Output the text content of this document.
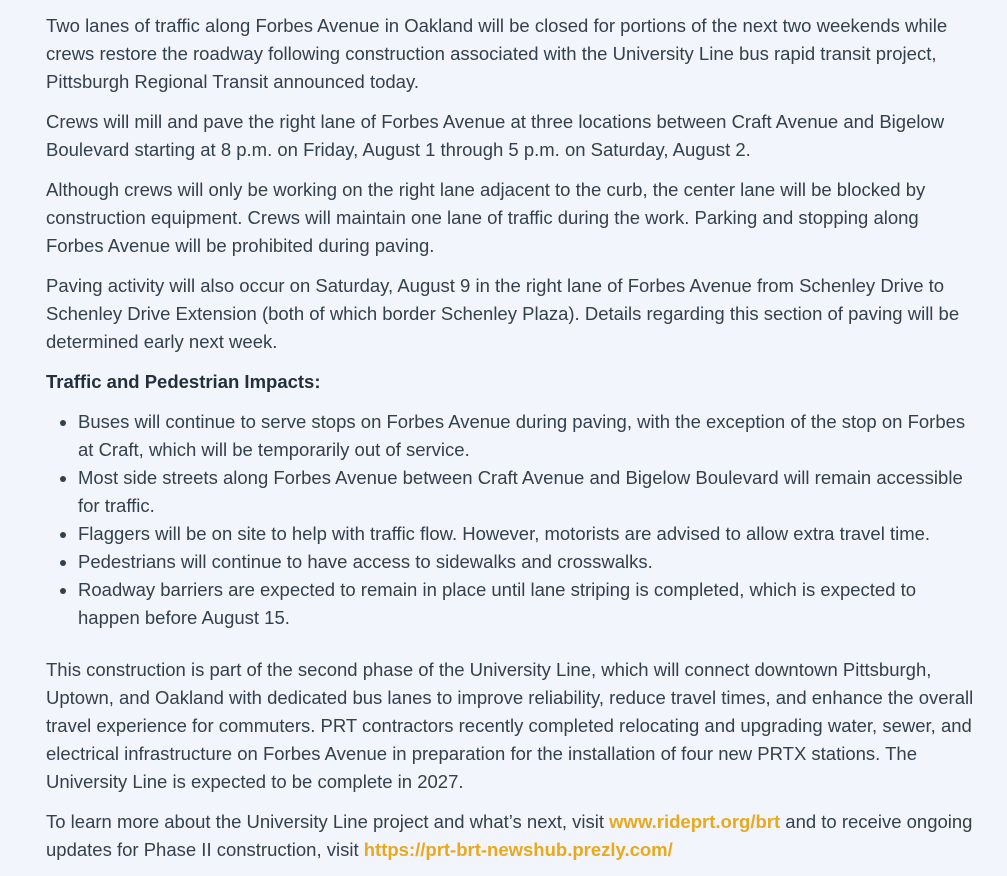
Two lanes of traffic along Forbes Avenue in Oakland will be closed for portions of the next two weekends while crews restore the roadway following construction associated with the University Line bus rapid transit project, Pittsburgh Regional Transit announced today.

Crews will mill and pave the right lane of Forbes Avenue at three locations between Craft Avenue and Bigelow Boulevard starting at 8 p.m. on Friday, August 1 through 5 p.m. on Saturday, August 2.

Although crews will only be working on the right lane adjacent to the curb, the center lane will be blocked by construction equipment. Crews will maintain one lane of traffic during the work. Parking and stopping along Forbes Avenue will be prohibited during paving.

Paving activity will also occur on Saturday, August 9 in the right lane of Forbes Avenue from Schenley Drive to Schenley Drive Extension (both of which border Schenley Plaza). Details regarding this section of paving will be determined early next week.

Traffic and Pedestrian Impacts:
• Buses will continue to serve stops on Forbes Avenue during paving, with the exception of the stop on Forbes at Craft, which will be temporarily out of service.
• Most side streets along Forbes Avenue between Craft Avenue and Bigelow Boulevard will remain accessible for traffic.
• Flaggers will be on site to help with traffic flow. However, motorists are advised to allow extra travel time.
• Pedestrians will continue to have access to sidewalks and crosswalks.
• Roadway barriers are expected to remain in place until lane striping is completed, which is expected to happen before August 15.

This construction is part of the second phase of the University Line, which will connect downtown Pittsburgh, Uptown, and Oakland with dedicated bus lanes to improve reliability, reduce travel times, and enhance the overall travel experience for commuters. PRT contractors recently completed relocating and upgrading water, sewer, and electrical infrastructure on Forbes Avenue in preparation for the installation of four new PRTX stations. The University Line is expected to be complete in 2027.

To learn more about the University Line project and what’s next, visit www.rideprt.org/brt and to receive ongoing updates for Phase II construction, visit https://prt-brt-newshub.prezly.com/
